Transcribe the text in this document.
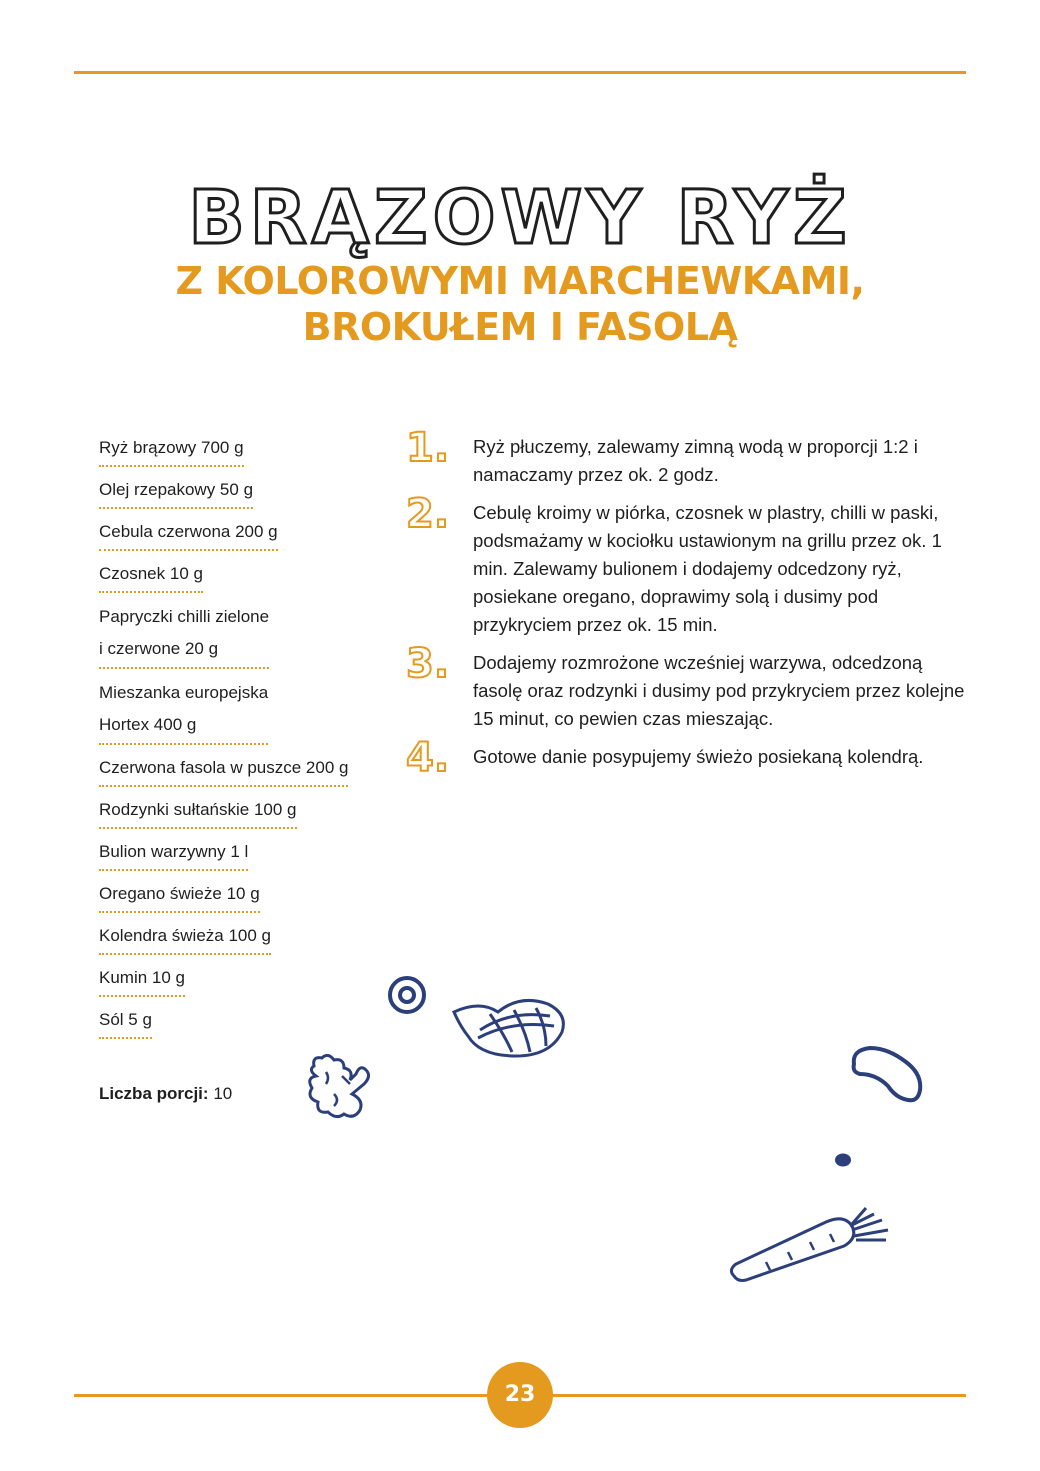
BRĄZOWY RYŻ
Z KOLOROWYMI MARCHEWKAMI,
BROKUŁEM I FASOLĄ
Ryż brązowy 700 g
Olej rzepakowy 50 g
Cebula czerwona 200 g
Czosnek 10 g
Papryczki chilli zielone
i czerwone 20 g
Mieszanka europejska
Hortex 400 g
Czerwona fasola w puszce 200 g
Rodzynki sułtańskie 100 g
Bulion warzywny 1 l
Oregano świeże 10 g
Kolendra świeża 100 g
Kumin 10 g
Sól 5 g
Liczba porcji: 10
1. Ryż płuczemy, zalewamy zimną wodą w proporcji 1:2 i namaczamy przez ok. 2 godz.
2. Cebulę kroimy w piórka, czosnek w plastry, chilli w paski, podsmażamy w kociołku ustawionym na grillu przez ok. 1 min. Zalewamy bulionem i dodajemy odcedzony ryż, posiekane oregano, doprawimy solą i dusimy pod przykryciem przez ok. 15 min.
3. Dodajemy rozmrożone wcześniej warzywa, odcedzoną fasolę oraz rodzynki i dusimy pod przykryciem przez kolejne 15 minut, co pewien czas mieszając.
4. Gotowe danie posypujemy świeżo posiekaną kolendrą.
23
